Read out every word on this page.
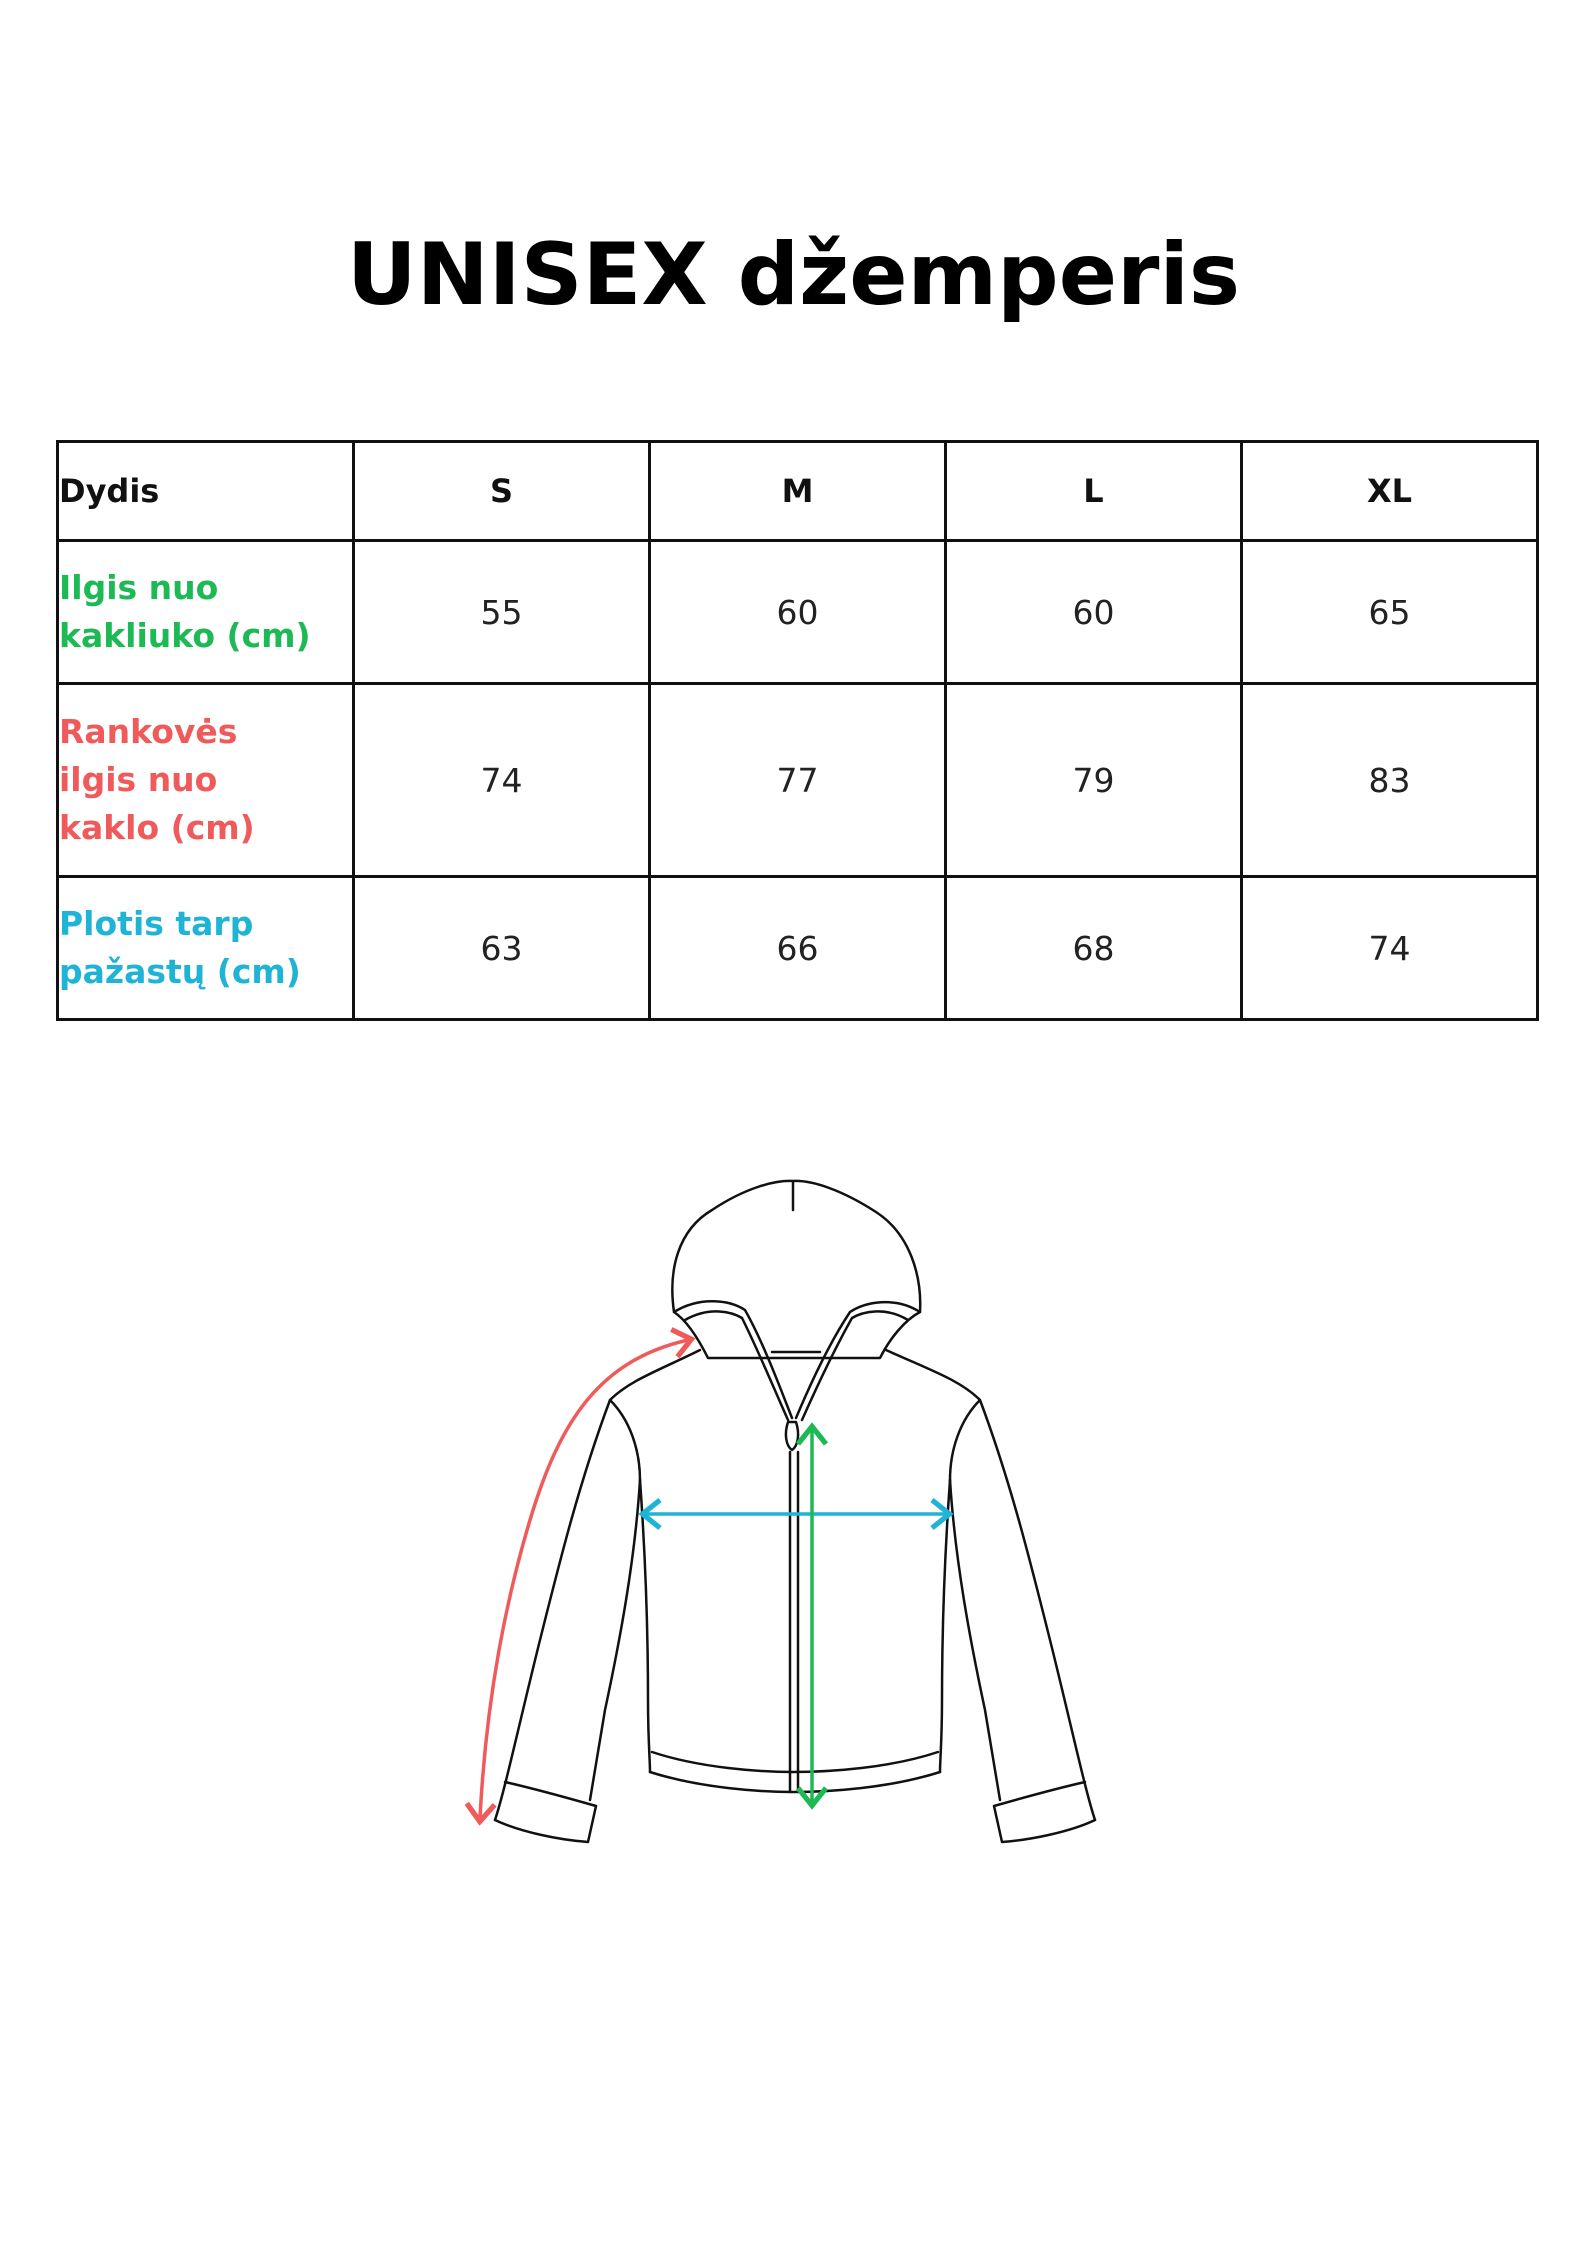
UNISEX džemperis
Dydis	S	M	L	XL

Ilgis nuo
kakliuko (cm)	55	60	60	65

Rankovės
ilgis nuo
kaklo (cm)	74	77	79	83

Plotis tarp
pažastų (cm)	63	66	68	74
